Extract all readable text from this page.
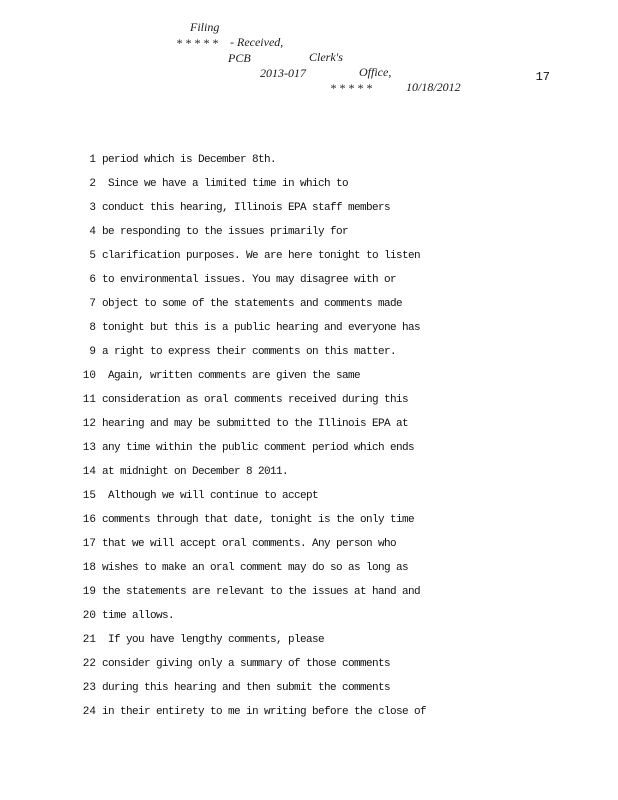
Filing

- Received,

Clerk's

Office,

10/18/2012

* * * * *

PCB

2013-017

* * * * *

17
1 period which is December 8th.
2 Since we have a limited time in which to
3 conduct this hearing, Illinois EPA staff members
4 be responding to the issues primarily for
5 clarification purposes. We are here tonight to listen
6 to environmental issues. You may disagree with or
7 object to some of the statements and comments made
8 tonight but this is a public hearing and everyone has
9 a right to express their comments on this matter.
10 Again, written comments are given the same
11 consideration as oral comments received during this
12 hearing and may be submitted to the Illinois EPA at
13 any time within the public comment period which ends
14 at midnight on December 8 2011.
15 Although we will continue to accept
16 comments through that date, tonight is the only time
17 that we will accept oral comments. Any person who
18 wishes to make an oral comment may do so as long as
19 the statements are relevant to the issues at hand and
20 time allows.
21 If you have lengthy comments, please
22 consider giving only a summary of those comments
23 during this hearing and then submit the comments
24 in their entirety to me in writing before the close of
